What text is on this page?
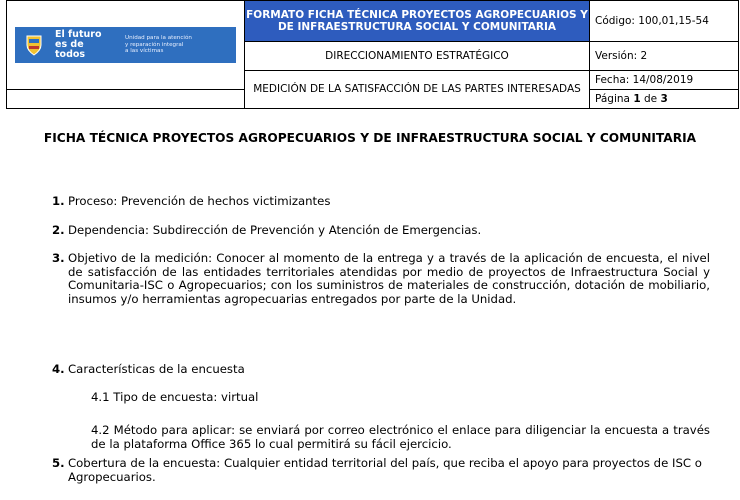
El futuro
es de todos
Unidad para la atención
y reparación integral
a las víctimas	FORMATO FICHA TÉCNICA PROYECTOS AGROPECUARIOS Y DE INFRAESTRUCTURA SOCIAL Y COMUNITARIA	Código: 100,01,15-54
	DIRECCIONAMIENTO ESTRATÉGICO	Versión: 2
	MEDICIÓN DE LA SATISFACCIÓN DE LAS PARTES INTERESADAS	Fecha: 14/08/2019
		Página 1 de 3
FICHA TÉCNICA PROYECTOS AGROPECUARIOS Y DE INFRAESTRUCTURA SOCIAL Y COMUNITARIA
1. Proceso: Prevención de hechos victimizantes
2. Dependencia: Subdirección de Prevención y Atención de Emergencias.
3. Objetivo de la medición: Conocer al momento de la entrega y a través de la aplicación de encuesta, el nivel de satisfacción de las entidades territoriales atendidas por medio de proyectos de Infraestructura Social y Comunitaria-ISC o Agropecuarios; con los suministros de materiales de construcción, dotación de mobiliario, insumos y/o herramientas agropecuarias entregados por parte de la Unidad.
4. Características de la encuesta
4.1 Tipo de encuesta: virtual
4.2 Método para aplicar: se enviará por correo electrónico el enlace para diligenciar la encuesta a través de la plataforma Office 365 lo cual permitirá su fácil ejercicio.
5. Cobertura de la encuesta: Cualquier entidad territorial del país, que reciba el apoyo para proyectos de ISC o Agropecuarios.
